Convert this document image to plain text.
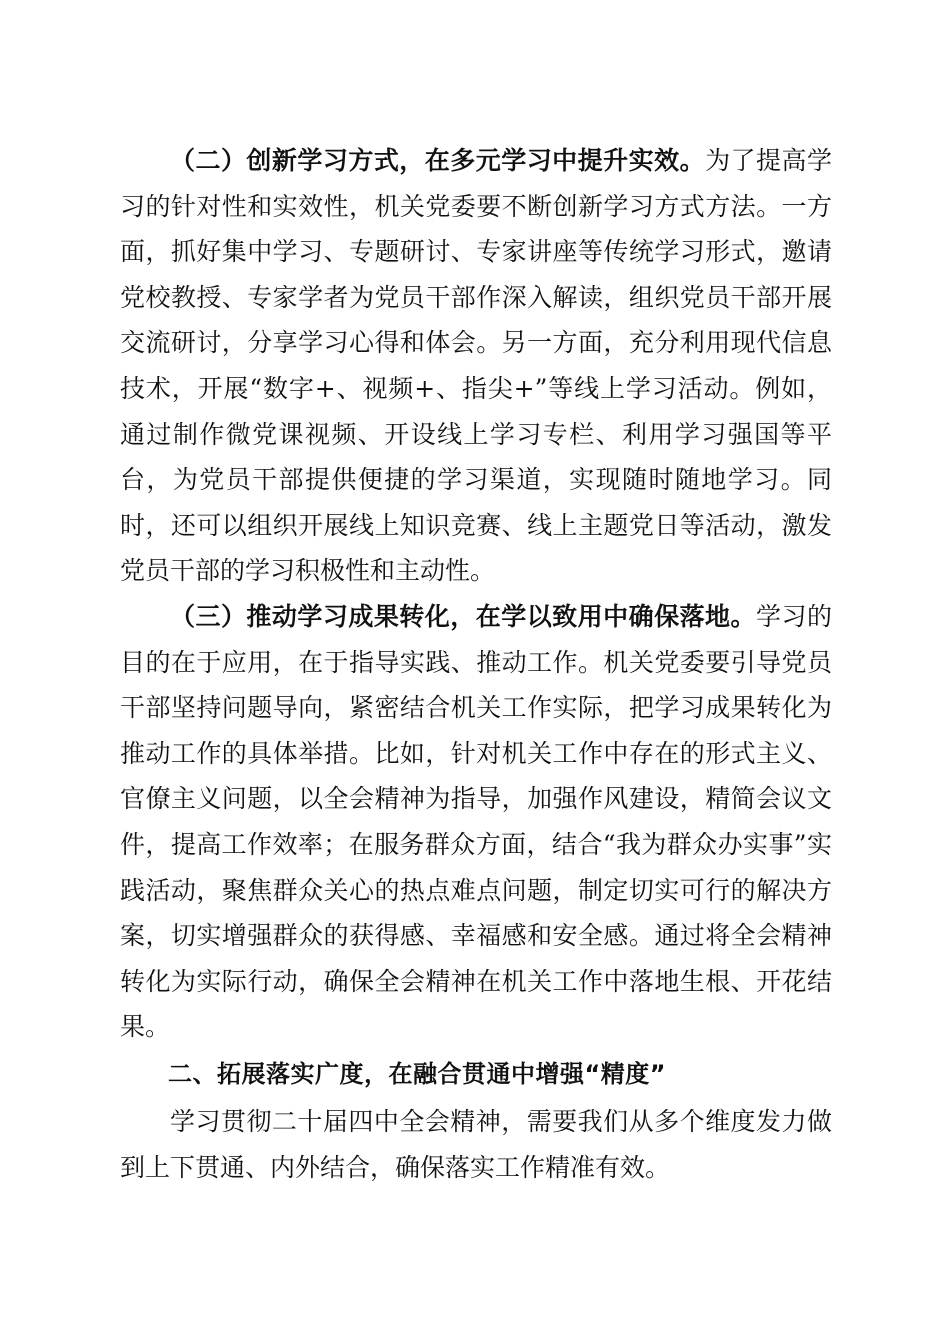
（二）创新学习方式，在多元学习中提升实效。为了提高学习的针对性和实效性，机关党委要不断创新学习方式方法。一方面，抓好集中学习、专题研讨、专家讲座等传统学习形式，邀请党校教授、专家学者为党员干部作深入解读，组织党员干部开展交流研讨，分享学习心得和体会。另一方面，充分利用现代信息技术，开展“数字+、视频+、指尖+”等线上学习活动。例如，通过制作微党课视频、开设线上学习专栏、利用学习强国等平台，为党员干部提供便捷的学习渠道，实现随时随地学习。同时，还可以组织开展线上知识竞赛、线上主题党日等活动，激发党员干部的学习积极性和主动性。

（三）推动学习成果转化，在学以致用中确保落地。学习的目的在于应用，在于指导实践、推动工作。机关党委要引导党员干部坚持问题导向，紧密结合机关工作实际，把学习成果转化为推动工作的具体举措。比如，针对机关工作中存在的形式主义、官僚主义问题，以全会精神为指导，加强作风建设，精简会议文件，提高工作效率；在服务群众方面，结合“我为群众办实事”实践活动，聚焦群众关心的热点难点问题，制定切实可行的解决方案，切实增强群众的获得感、幸福感和安全感。通过将全会精神转化为实际行动，确保全会精神在机关工作中落地生根、开花结果。

二、拓展落实广度，在融合贯通中增强“精度”

学习贯彻二十届四中全会精神，需要我们从多个维度发力做到上下贯通、内外结合，确保落实工作精准有效。
